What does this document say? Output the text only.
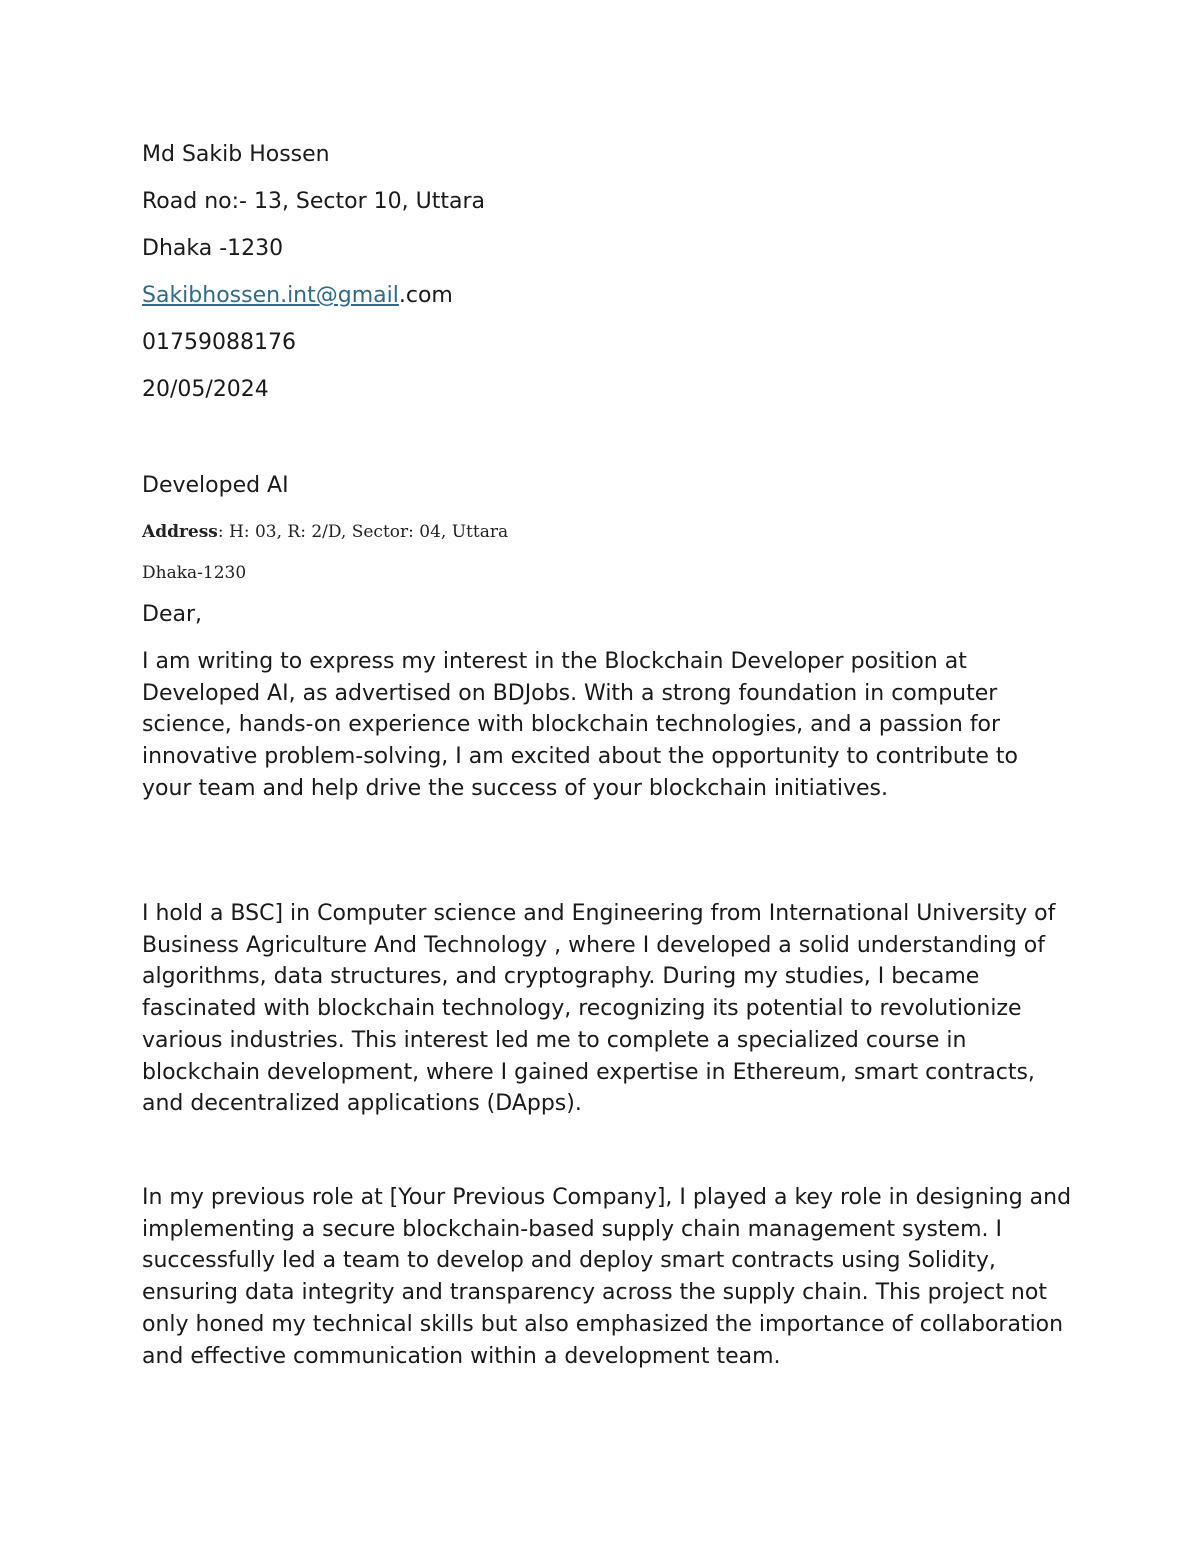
Md Sakib Hossen
Road no:- 13, Sector 10, Uttara
Dhaka -1230
Sakibhossen.int@gmail.com
01759088176
20/05/2024
Developed AI
Address: H: 03, R: 2/D, Sector: 04, Uttara
Dhaka-1230
Dear,
I am writing to express my interest in the Blockchain Developer position at Developed AI, as advertised on BDJobs. With a strong foundation in computer science, hands-on experience with blockchain technologies, and a passion for innovative problem-solving, I am excited about the opportunity to contribute to your team and help drive the success of your blockchain initiatives.
I hold a BSC] in Computer science and Engineering from International University of Business Agriculture And Technology , where I developed a solid understanding of algorithms, data structures, and cryptography. During my studies, I became fascinated with blockchain technology, recognizing its potential to revolutionize various industries. This interest led me to complete a specialized course in blockchain development, where I gained expertise in Ethereum, smart contracts, and decentralized applications (DApps).
In my previous role at [Your Previous Company], I played a key role in designing and implementing a secure blockchain-based supply chain management system. I successfully led a team to develop and deploy smart contracts using Solidity, ensuring data integrity and transparency across the supply chain. This project not only honed my technical skills but also emphasized the importance of collaboration and effective communication within a development team.
